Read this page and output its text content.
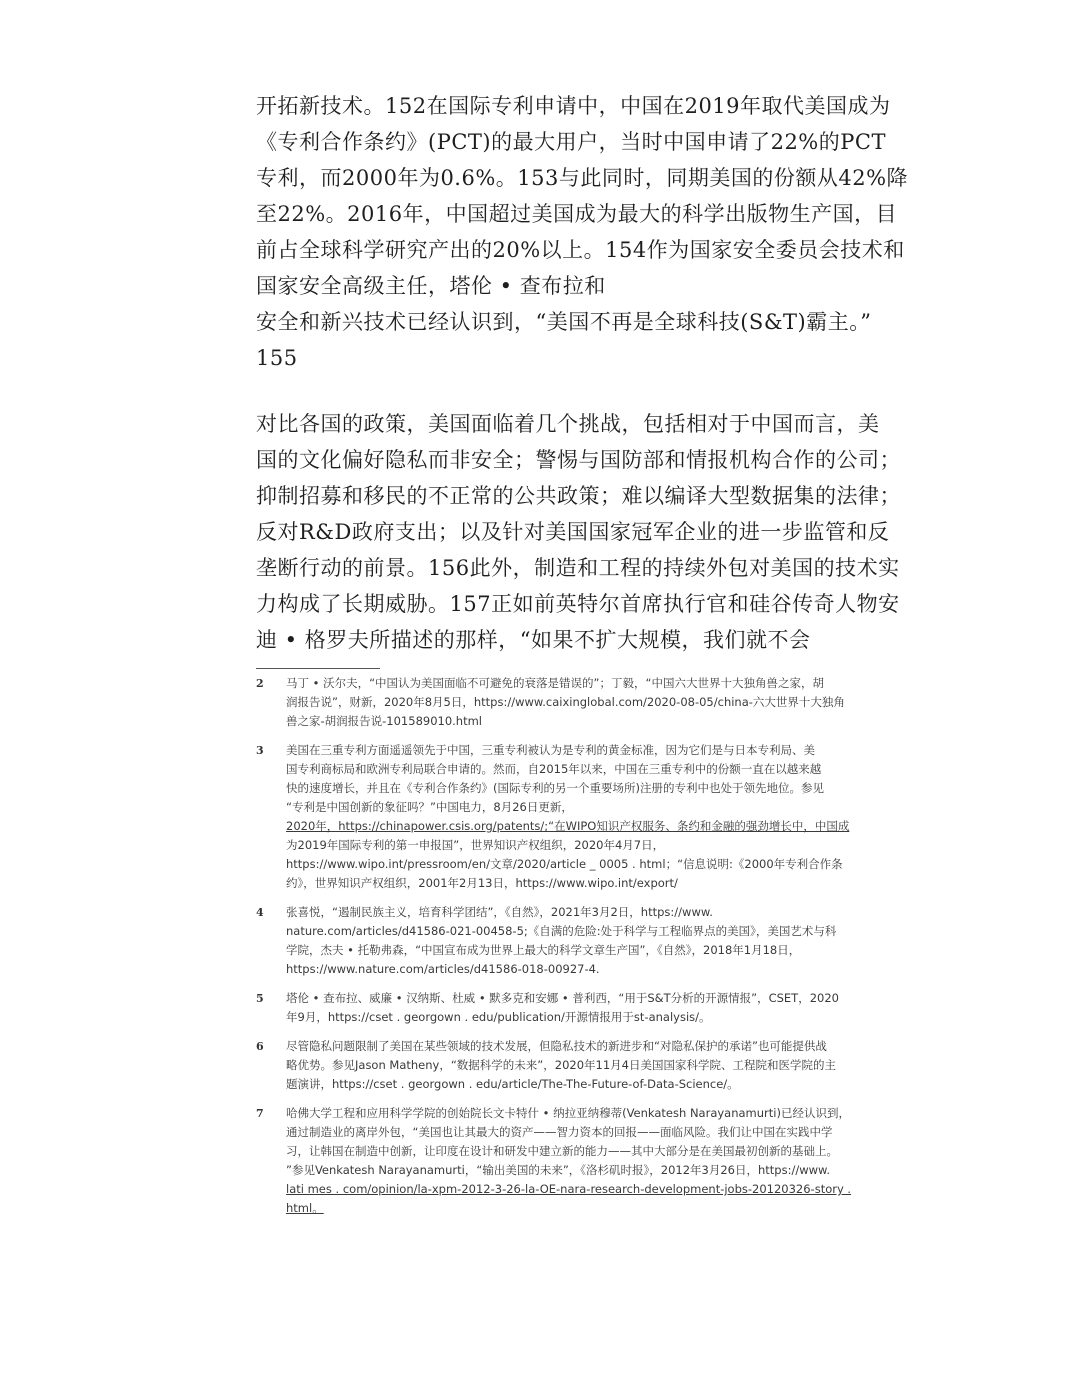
开拓新技术。152在国际专利申请中，中国在2019年取代美国成为
《专利合作条约》(PCT)的最大用户，当时中国申请了22%的PCT
专利，而2000年为0.6%。153与此同时，同期美国的份额从42%降
至22%。2016年，中国超过美国成为最大的科学出版物生产国，目
前占全球科学研究产出的20%以上。154作为国家安全委员会技术和
国家安全高级主任，塔伦 • 查布拉和
安全和新兴技术已经认识到，“美国不再是全球科技(S&T)霸主。”
155
对比各国的政策，美国面临着几个挑战，包括相对于中国而言，美
国的文化偏好隐私而非安全；警惕与国防部和情报机构合作的公司；
抑制招募和移民的不正常的公共政策；难以编译大型数据集的法律；
反对R&D政府支出；以及针对美国国家冠军企业的进一步监管和反
垄断行动的前景。156此外，制造和工程的持续外包对美国的技术实
力构成了长期威胁。157正如前英特尔首席执行官和硅谷传奇人物安
迪 • 格罗夫所描述的那样，“如果不扩大规模，我们就不会
2	马丁 • 沃尔夫，“中国认为美国面临不可避免的衰落是错误的”；丁毅，“中国六大世界十大独角兽之家，胡
润报告说”，财新，2020年8月5日，https://www.caixinglobal.com/2020-08-05/china-六大世界十大独角
兽之家-胡润报告说-101589010.html
3	美国在三重专利方面遥遥领先于中国，三重专利被认为是专利的黄金标准，因为它们是与日本专利局、美
国专利商标局和欧洲专利局联合申请的。然而，自2015年以来，中国在三重专利中的份额一直在以越来越
快的速度增长，并且在《专利合作条约》(国际专利的另一个重要场所)注册的专利中也处于领先地位。参见
“专利是中国创新的象征吗？”中国电力，8月26日更新，
2020年，https://chinapower.csis.org/patents/;“在WIPO知识产权服务、条约和金融的强劲增长中，中国成
为2019年国际专利的第一申报国”，世界知识产权组织，2020年4月7日，
https://www.wipo.int/pressroom/en/文章/2020/article _ 0005 . html；“信息说明:《2000年专利合作条
约》，世界知识产权组织，2001年2月13日，https://www.wipo.int/export/
4	张喜悦，“遏制民族主义，培育科学团结”，《自然》，2021年3月2日，https://www.
nature.com/articles/d41586-021-00458-5;《自满的危险:处于科学与工程临界点的美国》，美国艺术与科
学院，杰夫 • 托勒弗森，“中国宣布成为世界上最大的科学文章生产国”，《自然》，2018年1月18日，
https://www.nature.com/articles/d41586-018-00927-4.
5	塔伦 • 查布拉、威廉 • 汉纳斯、杜威 • 默多克和安娜 • 普利西，“用于S&T分析的开源情报”，CSET，2020
年9月，https://cset . georgown . edu/publication/开源情报用于st-analysis/。
6	尽管隐私问题限制了美国在某些领域的技术发展，但隐私技术的新进步和“对隐私保护的承诺”也可能提供战
略优势。参见Jason Matheny，“数据科学的未来”，2020年11月4日美国国家科学院、工程院和医学院的主
题演讲，https://cset . georgown . edu/article/The-The-Future-of-Data-Science/。
7	哈佛大学工程和应用科学学院的创始院长文卡特什 • 纳拉亚纳穆蒂(Venkatesh Narayanamurti)已经认识到，
通过制造业的离岸外包，“美国也让其最大的资产——智力资本的回报——面临风险。我们让中国在实践中学
习，让韩国在制造中创新，让印度在设计和研发中建立新的能力——其中大部分是在美国最初创新的基础上。
”参见Venkatesh Narayanamurti，“输出美国的未来”，《洛杉矶时报》，2012年3月26日，https://www.
lati mes . com/opinion/la-xpm-2012-3-26-la-OE-nara-research-development-jobs-20120326-story .
html。
